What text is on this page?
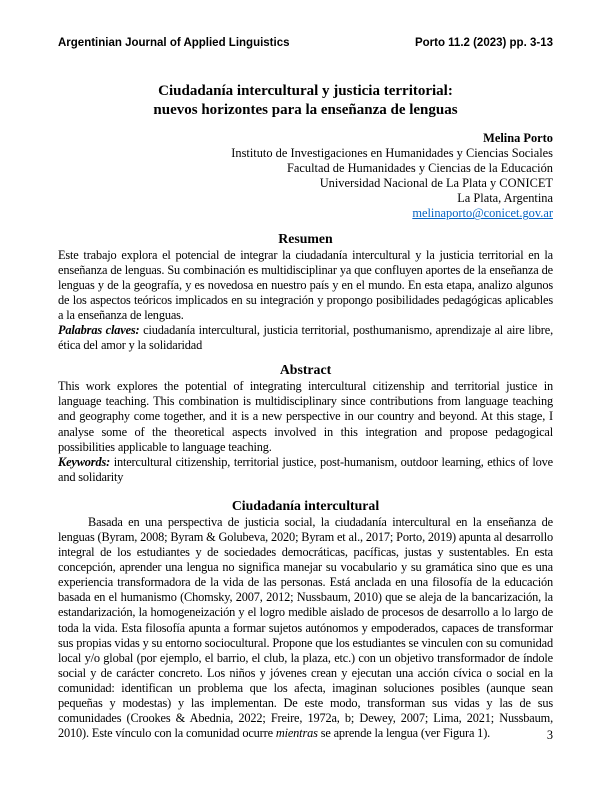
Argentinian Journal of Applied Linguistics	Porto 11.2 (2023) pp. 3-13
Ciudadanía intercultural y justicia territorial:
nuevos horizontes para la enseñanza de lenguas
Melina Porto
Instituto de Investigaciones en Humanidades y Ciencias Sociales
Facultad de Humanidades y Ciencias de la Educación
Universidad Nacional de La Plata y CONICET
La Plata, Argentina
melinaporto@conicet.gov.ar
Resumen

Este trabajo explora el potencial de integrar la ciudadanía intercultural y la justicia territorial en la enseñanza de lenguas. Su combinación es multidisciplinar ya que confluyen aportes de la enseñanza de lenguas y de la geografía, y es novedosa en nuestro país y en el mundo. En esta etapa, analizo algunos de los aspectos teóricos implicados en su integración y propongo posibilidades pedagógicas aplicables a la enseñanza de lenguas.

Palabras claves: ciudadanía intercultural, justicia territorial, posthumanismo, aprendizaje al aire libre, ética del amor y la solidaridad

Abstract

This work explores the potential of integrating intercultural citizenship and territorial justice in language teaching. This combination is multidisciplinary since contributions from language teaching and geography come together, and it is a new perspective in our country and beyond. At this stage, I analyse some of the theoretical aspects involved in this integration and propose pedagogical possibilities applicable to language teaching.

Keywords: intercultural citizenship, territorial justice, post-humanism, outdoor learning, ethics of love and solidarity

Ciudadanía intercultural

Basada en una perspectiva de justicia social, la ciudadanía intercultural en la enseñanza de lenguas (Byram, 2008; Byram & Golubeva, 2020; Byram et al., 2017; Porto, 2019) apunta al desarrollo integral de los estudiantes y de sociedades democráticas, pacíficas, justas y sustentables. En esta concepción, aprender una lengua no significa manejar su vocabulario y su gramática sino que es una experiencia transformadora de la vida de las personas. Está anclada en una filosofía de la educación basada en el humanismo (Chomsky, 2007, 2012; Nussbaum, 2010) que se aleja de la bancarización, la estandarización, la homogeneización y el logro medible aislado de procesos de desarrollo a lo largo de toda la vida. Esta filosofía apunta a formar sujetos autónomos y empoderados, capaces de transformar sus propias vidas y su entorno sociocultural. Propone que los estudiantes se vinculen con su comunidad local y/o global (por ejemplo, el barrio, el club, la plaza, etc.) con un objetivo transformador de índole social y de carácter concreto. Los niños y jóvenes crean y ejecutan una acción cívica o social en la comunidad: identifican un problema que los afecta, imaginan soluciones posibles (aunque sean pequeñas y modestas) y las implementan. De este modo, transforman sus vidas y las de sus comunidades (Crookes & Abednia, 2022; Freire, 1972a, b; Dewey, 2007; Lima, 2021; Nussbaum, 2010). Este vínculo con la comunidad ocurre mientras se aprende la lengua (ver Figura 1).	3
